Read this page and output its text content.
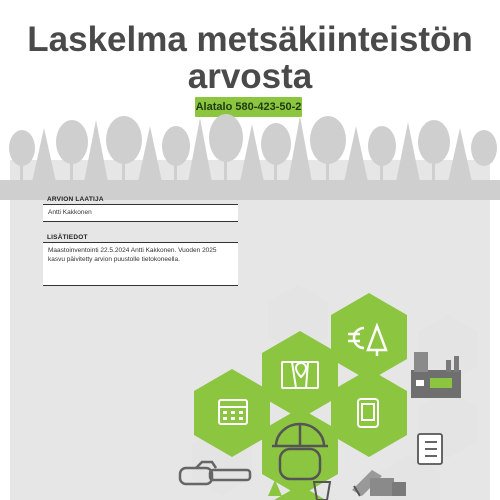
Laskelma metsäkiinteistön
arvosta
Alatalo 580-423-50-2
ARVION LAATIJA
Antti Kakkonen
LISÄTIEDOT
Maastoinventointi 22.5.2024 Antti Kakkonen. Vuoden 2025 kasvu päivitetty arvion puustolle tietokoneella.
